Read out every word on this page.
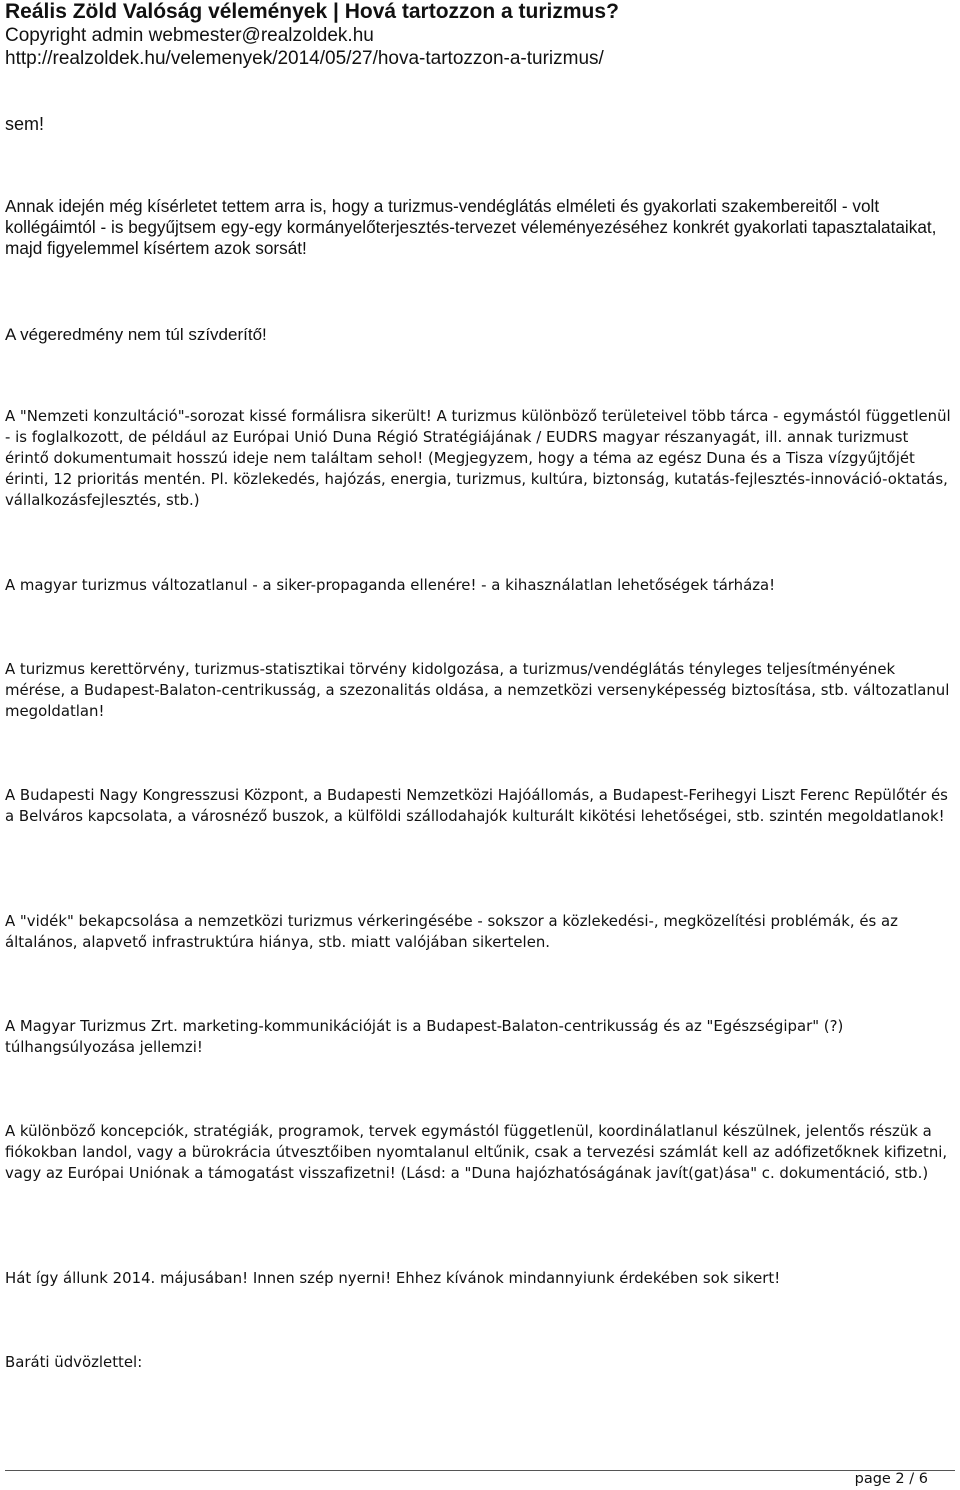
Reális Zöld Valóság vélemények | Hová tartozzon a turizmus?

Copyright admin webmester@realzoldek.hu

http://realzoldek.hu/velemenyek/2014/05/27/hova-tartozzon-a-turizmus/

sem!

Annak idején még kísérletet tettem arra is, hogy a turizmus-vendéglátás elméleti és gyakorlati szakembereitől - volt kollégáimtól - is begyűjtsem egy-egy kormányelőterjesztés-tervezet véleményezéséhez konkrét gyakorlati tapasztalataikat, majd figyelemmel kísértem azok sorsát!

A végeredmény nem túl szívderítő!

A "Nemzeti konzultáció"-sorozat kissé formálisra sikerült! A turizmus különböző területeivel több tárca - egymástól függetlenül - is foglalkozott, de például az Európai Unió Duna Régió Stratégiájának / EUDRS magyar részanyagát, ill. annak turizmust érintő dokumentumait hosszú ideje nem találtam sehol! (Megjegyzem, hogy a téma az egész Duna és a Tisza vízgyűjtőjét érinti, 12 prioritás mentén. Pl. közlekedés, hajózás, energia, turizmus, kultúra, biztonság, kutatás-fejlesztés-innováció-oktatás, vállalkozásfejlesztés, stb.)

A magyar turizmus változatlanul - a siker-propaganda ellenére! - a kihasználatlan lehetőségek tárháza!

A turizmus kerettörvény, turizmus-statisztikai törvény kidolgozása, a turizmus/vendéglátás tényleges teljesítményének mérése, a Budapest-Balaton-centrikusság, a szezonalitás oldása, a nemzetközi versenyképesség biztosítása, stb. változatlanul megoldatlan!

A Budapesti Nagy Kongresszusi Központ, a Budapesti Nemzetközi Hajóállomás, a Budapest-Ferihegyi Liszt Ferenc Repülőtér és a Belváros kapcsolata, a városnéző buszok, a külföldi szállodahajók kulturált kikötési lehetőségei, stb. szintén megoldatlanok!

A "vidék" bekapcsolása a nemzetközi turizmus vérkeringésébe - sokszor a közlekedési-, megközelítési problémák, és az általános, alapvető infrastruktúra hiánya, stb. miatt valójában sikertelen.

A Magyar Turizmus Zrt. marketing-kommunikációját is a Budapest-Balaton-centrikusság és az "Egészségipar" (?) túlhangsúlyozása jellemzi!

A különböző koncepciók, stratégiák, programok, tervek egymástól függetlenül, koordinálatlanul készülnek, jelentős részük a fiókokban landol, vagy a bürokrácia útvesztőiben nyomtalanul eltűnik, csak a tervezési számlát kell az adófizetőknek kifizetni, vagy az Európai Uniónak a támogatást visszafizetni! (Lásd: a "Duna hajózhatóságának javít(gat)ása" c. dokumentáció, stb.)

Hát így állunk 2014. májusában! Innen szép nyerni! Ehhez kívánok mindannyiunk érdekében sok sikert!

Baráti üdvözlettel:

page 2 / 6
